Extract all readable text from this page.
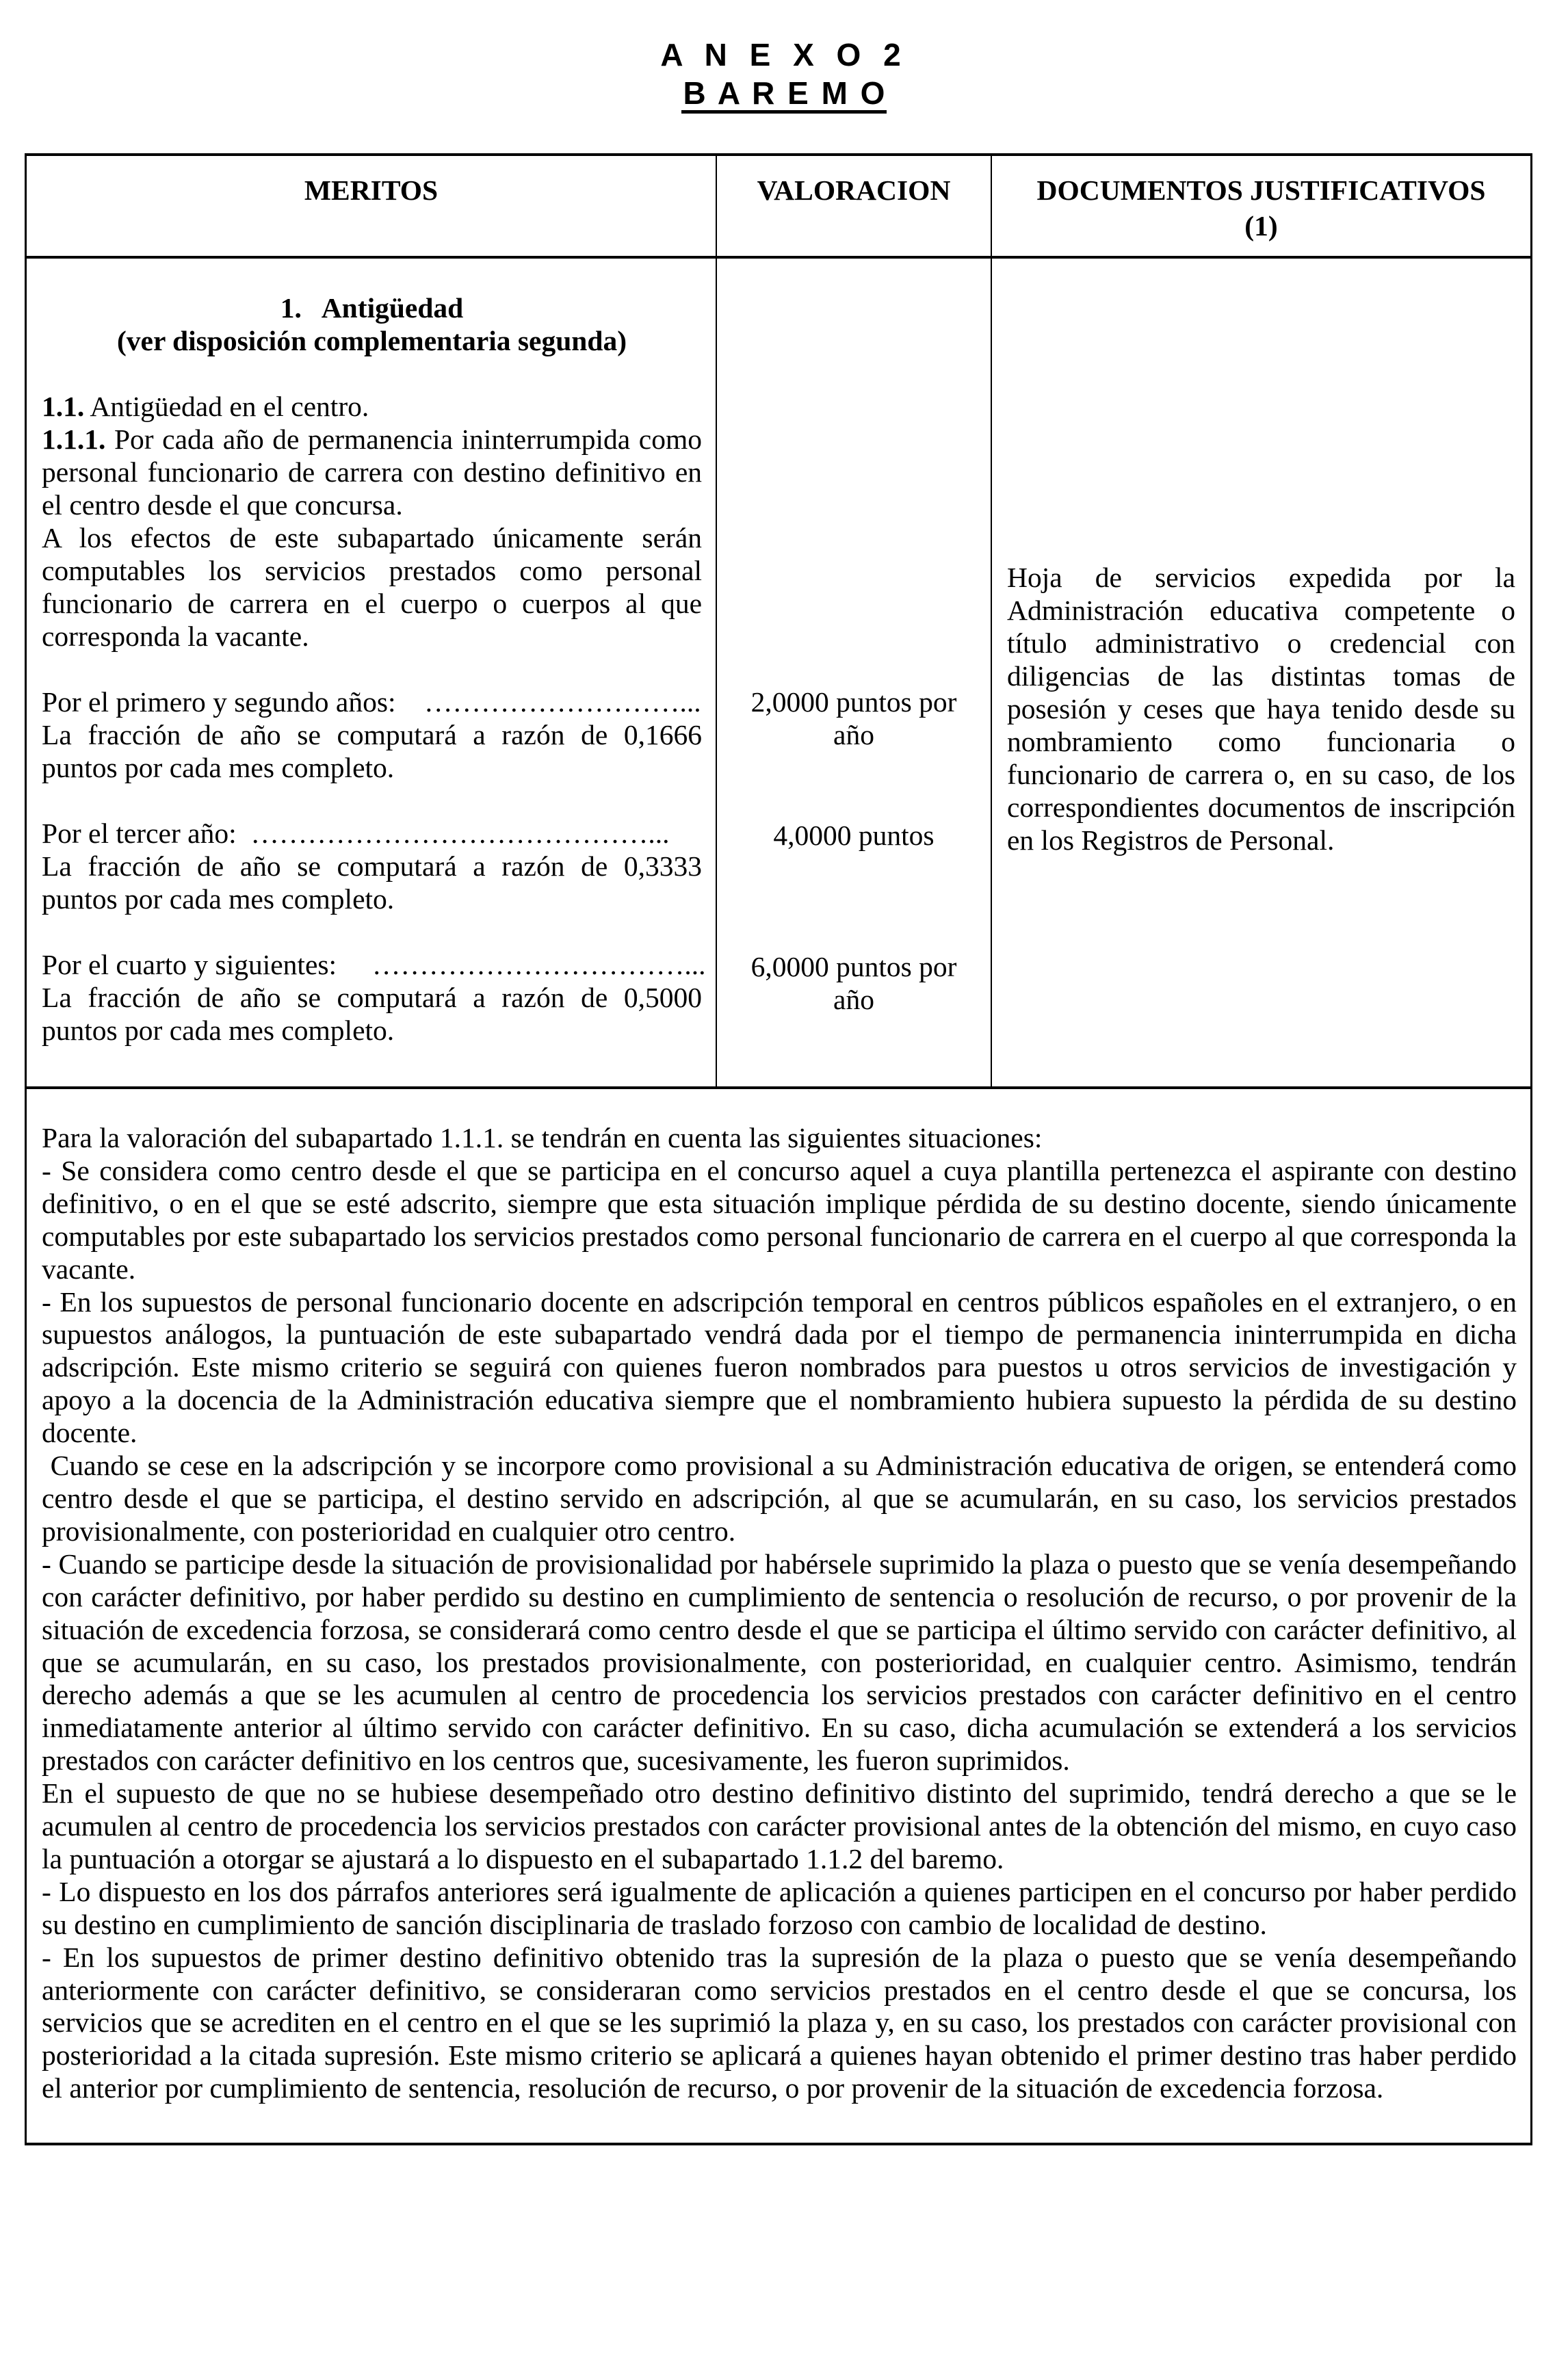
A N E X O 2
B A R E M O
MERITOS	VALORACION	DOCUMENTOS JUSTIFICATIVOS
(1)
1.   Antigüedad
(ver disposición complementaria segunda)
1.1. Antigüedad en el centro.
1.1.1. Por cada año de permanencia ininterrumpida como personal funcionario de carrera con destino definitivo en el centro desde el que concursa.
A los efectos de este subapartado únicamente serán computables los servicios prestados como personal funcionario de carrera en el cuerpo o cuerpos al que corresponda la vacante.
Por el primero y segundo años:    ………………………...
La fracción de año se computará a razón de 0,1666 puntos por cada mes completo.
Por el tercer año:  ……………………………………...
La fracción de año se computará a razón de 0,3333 puntos por cada mes completo.
Por el cuarto y siguientes:     ……………………………...
La fracción de año se computará a razón de 0,5000 puntos por cada mes completo.
2,0000 puntos por
año
4,0000 puntos
6,0000 puntos por
año
Hoja de servicios expedida por la Administración educativa competente o título administrativo o credencial con diligencias de las distintas tomas de posesión y ceses que haya tenido desde su nombramiento como funcionaria o funcionario de carrera o, en su caso, de los correspondientes documentos de inscripción en los Registros de Personal.

Para la valoración del subapartado 1.1.1. se tendrán en cuenta las siguientes situaciones:

- Se considera como centro desde el que se participa en el concurso aquel a cuya plantilla pertenezca el aspirante con destino definitivo, o en el que se esté adscrito, siempre que esta situación implique pérdida de su destino docente, siendo únicamente computables por este subapartado los servicios prestados como personal funcionario de carrera en el cuerpo al que corresponda la vacante.

- En los supuestos de personal funcionario docente en adscripción temporal en centros públicos españoles en el extranjero, o en supuestos análogos, la puntuación de este subapartado vendrá dada por el tiempo de permanencia ininterrumpida en dicha adscripción. Este mismo criterio se seguirá con quienes fueron nombrados para puestos u otros servicios de investigación y apoyo a la docencia de la Administración educativa siempre que el nombramiento hubiera supuesto la pérdida de su destino docente.

Cuando se cese en la adscripción y se incorpore como provisional a su Administración educativa de origen, se entenderá como centro desde el que se participa, el destino servido en adscripción, al que se acumularán, en su caso, los servicios prestados provisionalmente, con posterioridad en cualquier otro centro.

- Cuando se participe desde la situación de provisionalidad por habérsele suprimido la plaza o puesto que se venía desempeñando con carácter definitivo, por haber perdido su destino en cumplimiento de sentencia o resolución de recurso, o por provenir de la situación de excedencia forzosa, se considerará como centro desde el que se participa el último servido con carácter definitivo, al que se acumularán, en su caso, los prestados provisionalmente, con posterioridad, en cualquier centro. Asimismo, tendrán derecho además a que se les acumulen al centro de procedencia los servicios prestados con carácter definitivo en el centro inmediatamente anterior al último servido con carácter definitivo. En su caso, dicha acumulación se extenderá a los servicios prestados con carácter definitivo en los centros que, sucesivamente, les fueron suprimidos.

En el supuesto de que no se hubiese desempeñado otro destino definitivo distinto del suprimido, tendrá derecho a que se le acumulen al centro de procedencia los servicios prestados con carácter provisional antes de la obtención del mismo, en cuyo caso la puntuación a otorgar se ajustará a lo dispuesto en el subapartado 1.1.2 del baremo.

- Lo dispuesto en los dos párrafos anteriores será igualmente de aplicación a quienes participen en el concurso por haber perdido su destino en cumplimiento de sanción disciplinaria de traslado forzoso con cambio de localidad de destino.

- En los supuestos de primer destino definitivo obtenido tras la supresión de la plaza o puesto que se venía desempeñando anteriormente con carácter definitivo, se consideraran como servicios prestados en el centro desde el que se concursa, los servicios que se acrediten en el centro en el que se les suprimió la plaza y, en su caso, los prestados con carácter provisional con posterioridad a la citada supresión. Este mismo criterio se aplicará a quienes hayan obtenido el primer destino tras haber perdido el anterior por cumplimiento de sentencia, resolución de recurso, o por provenir de la situación de excedencia forzosa.
